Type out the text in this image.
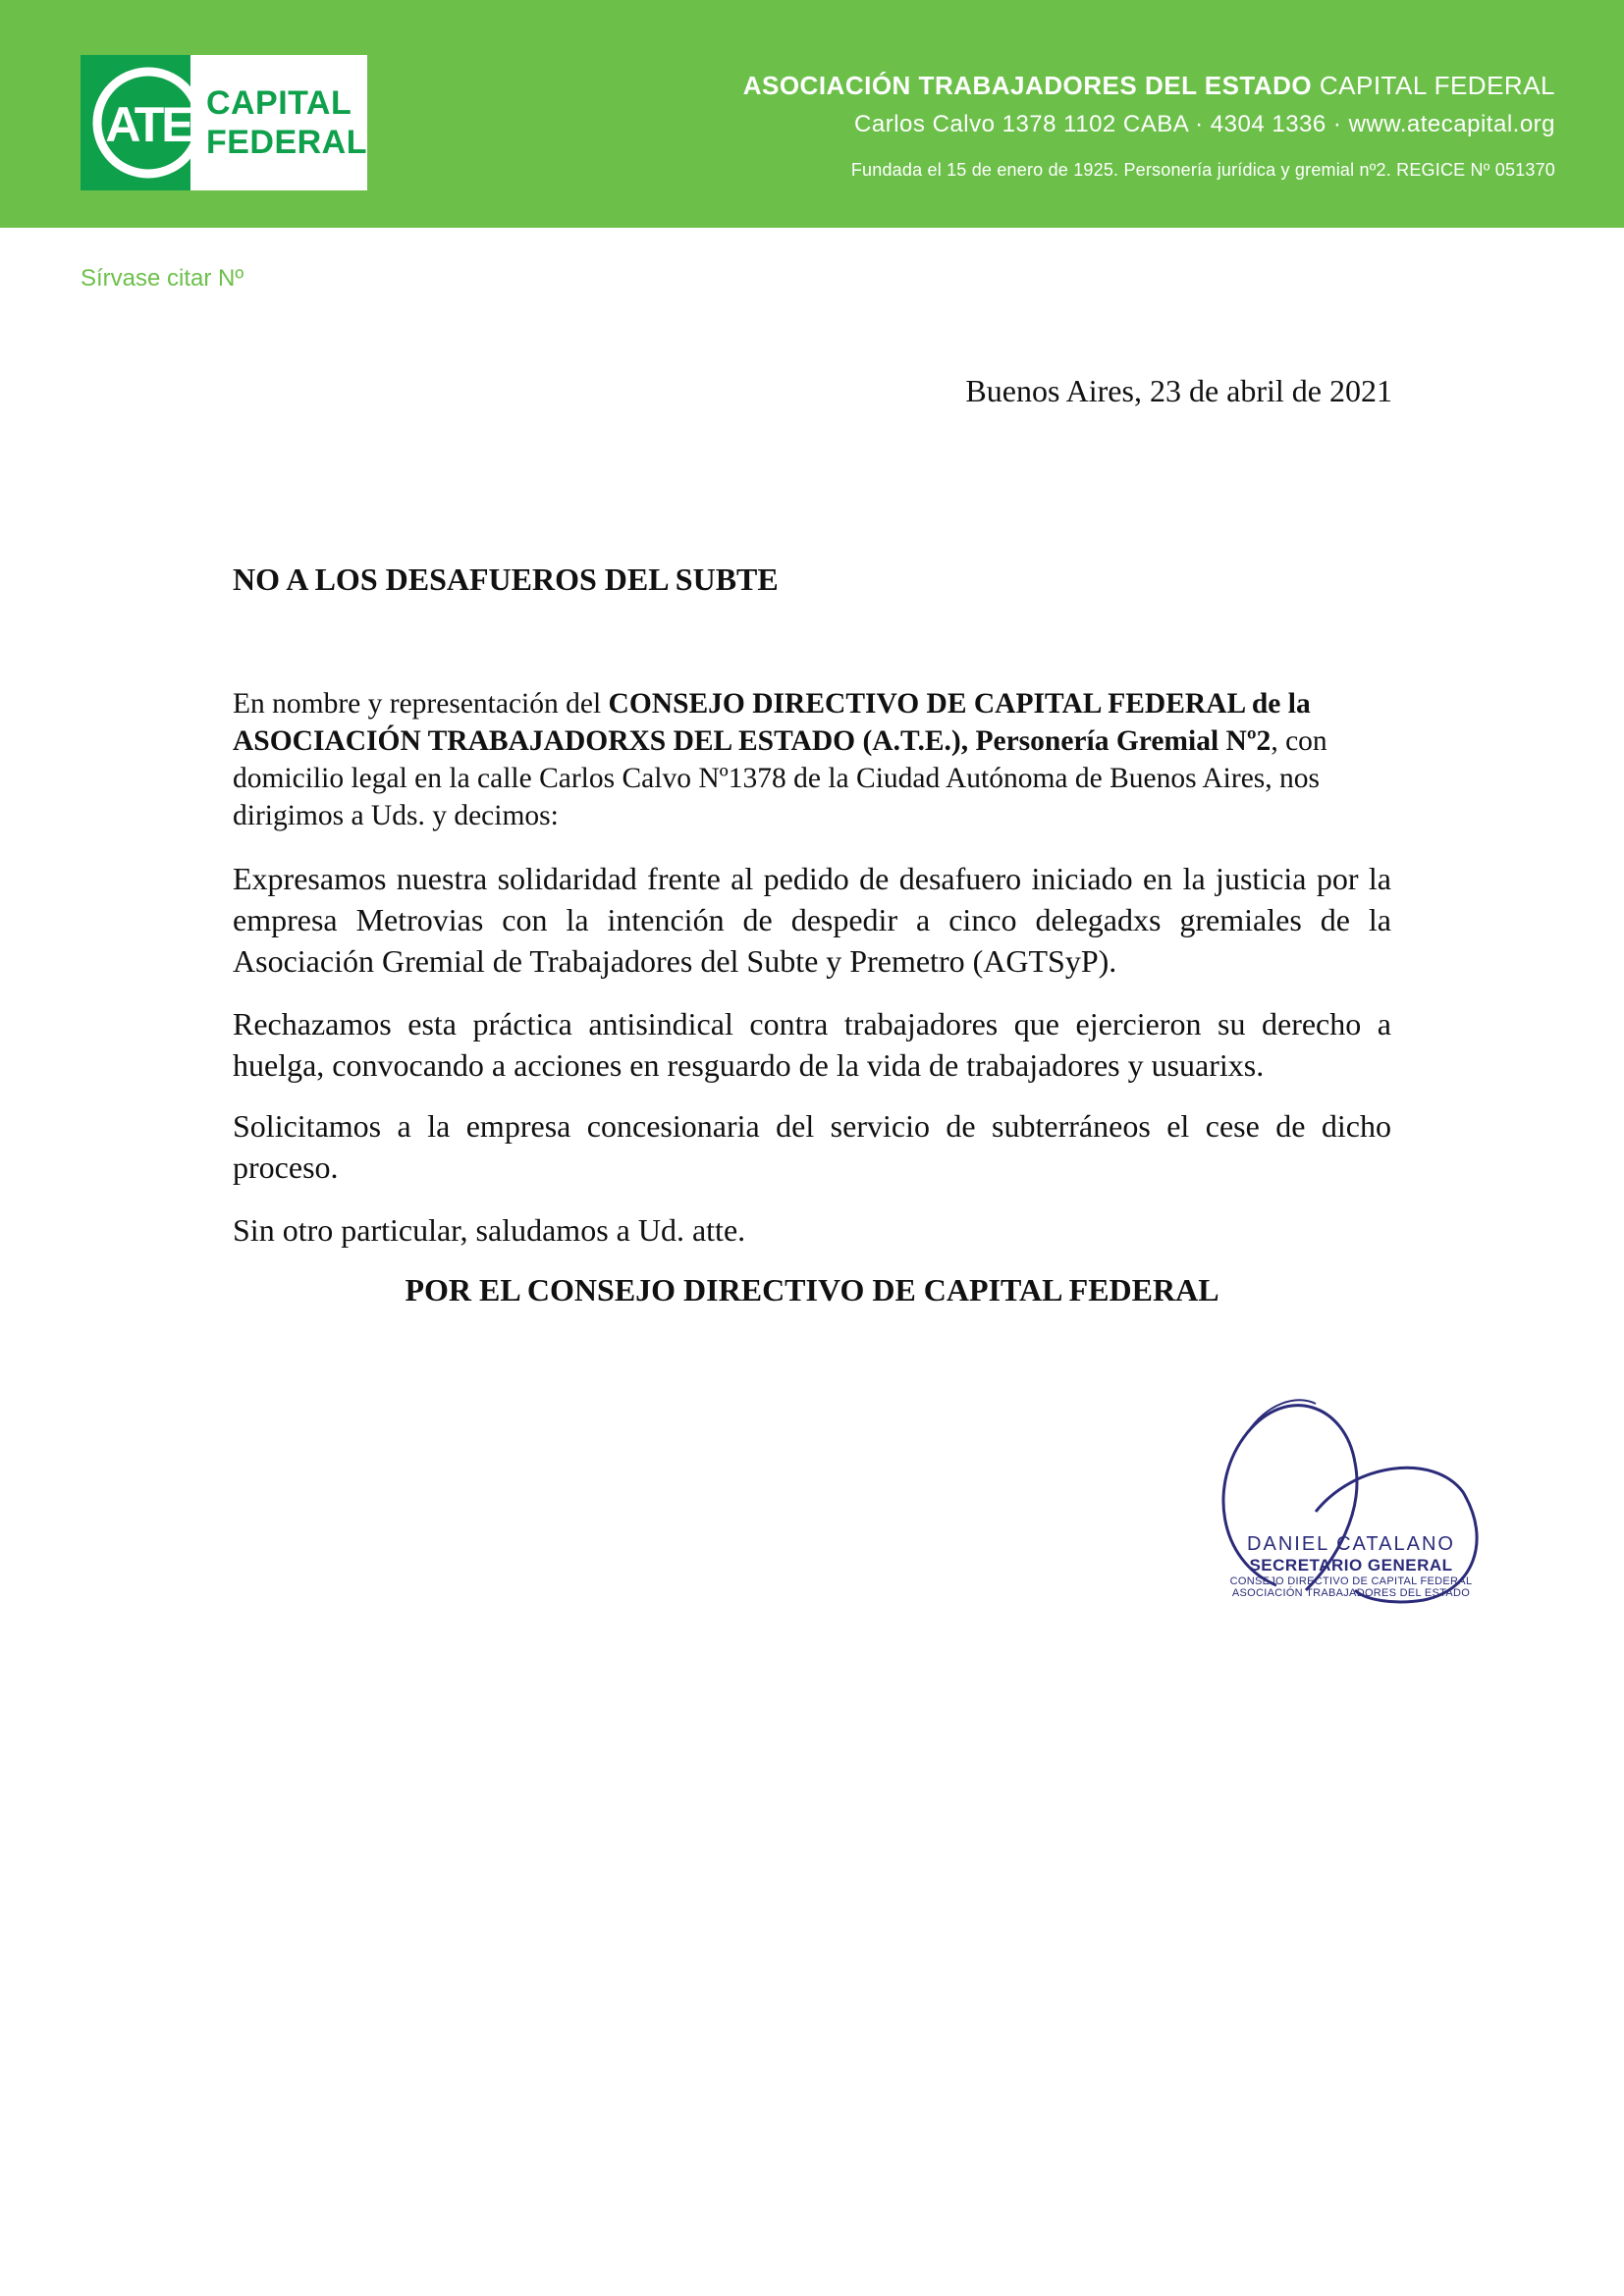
ATE CAPITAL
FEDERAL
ASOCIACIÓN TRABAJADORES DEL ESTADO CAPITAL FEDERAL
Carlos Calvo 1378 1102 CABA · 4304 1336 · www.atecapital.org
Fundada el 15 de enero de 1925. Personería jurídica y gremial nº2. REGICE Nº 051370
Sírvase citar Nº
Buenos Aires, 23 de abril de 2021
NO A LOS DESAFUEROS DEL SUBTE
En nombre y representación del CONSEJO DIRECTIVO DE CAPITAL FEDERAL de la ASOCIACIÓN TRABAJADORXS DEL ESTADO (A.T.E.), Personería Gremial Nº2, con domicilio legal en la calle Carlos Calvo Nº1378 de la Ciudad Autónoma de Buenos Aires, nos dirigimos a Uds. y decimos:

Expresamos nuestra solidaridad frente al pedido de desafuero iniciado en la justicia por la empresa Metrovias con la intención de despedir a cinco delegadxs gremiales de la Asociación Gremial de Trabajadores del Subte y Premetro (AGTSyP).

Rechazamos esta práctica antisindical contra trabajadores que ejercieron su derecho a huelga, convocando a acciones en resguardo de la vida de trabajadores y usuarixs.

Solicitamos a la empresa concesionaria del servicio de subterráneos el cese de dicho proceso.

Sin otro particular, saludamos a Ud. atte.

POR EL CONSEJO DIRECTIVO DE CAPITAL FEDERAL
DANIEL CATALANO
SECRETARIO GENERAL
CONSEJO DIRECTIVO DE CAPITAL FEDERAL
ASOCIACIÓN TRABAJADORES DEL ESTADO
